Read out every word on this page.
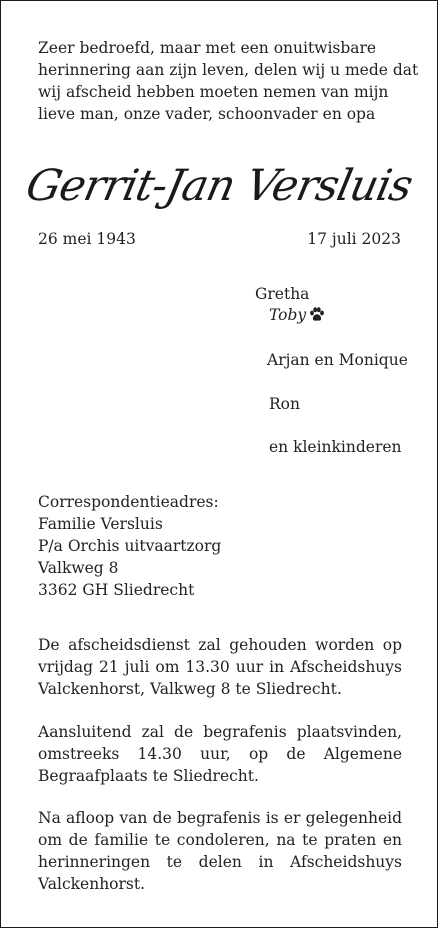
Zeer bedroefd, maar met een onuitwisbare
herinnering aan zijn leven, delen wij u mede dat
wij afscheid hebben moeten nemen van mijn
lieve man, onze vader, schoonvader en opa
Gerrit-Jan Versluis
26 mei 1943	17 juli 2023
Gretha
Toby
Arjan en Monique
Ron
en kleinkinderen
Correspondentieadres:
Familie Versluis
P/a Orchis uitvaartzorg
Valkweg 8
3362 GH Sliedrecht
De afscheidsdienst zal gehouden worden op vrijdag 21 juli om 13.30 uur in Afscheidshuys Valckenhorst, Valkweg 8 te Sliedrecht.
Aansluitend zal de begrafenis plaatsvinden, omstreeks 14.30 uur, op de Algemene Begraafplaats te Sliedrecht.
Na afloop van de begrafenis is er gelegenheid om de familie te condoleren, na te praten en herinneringen te delen in Afscheidshuys Valckenhorst.
